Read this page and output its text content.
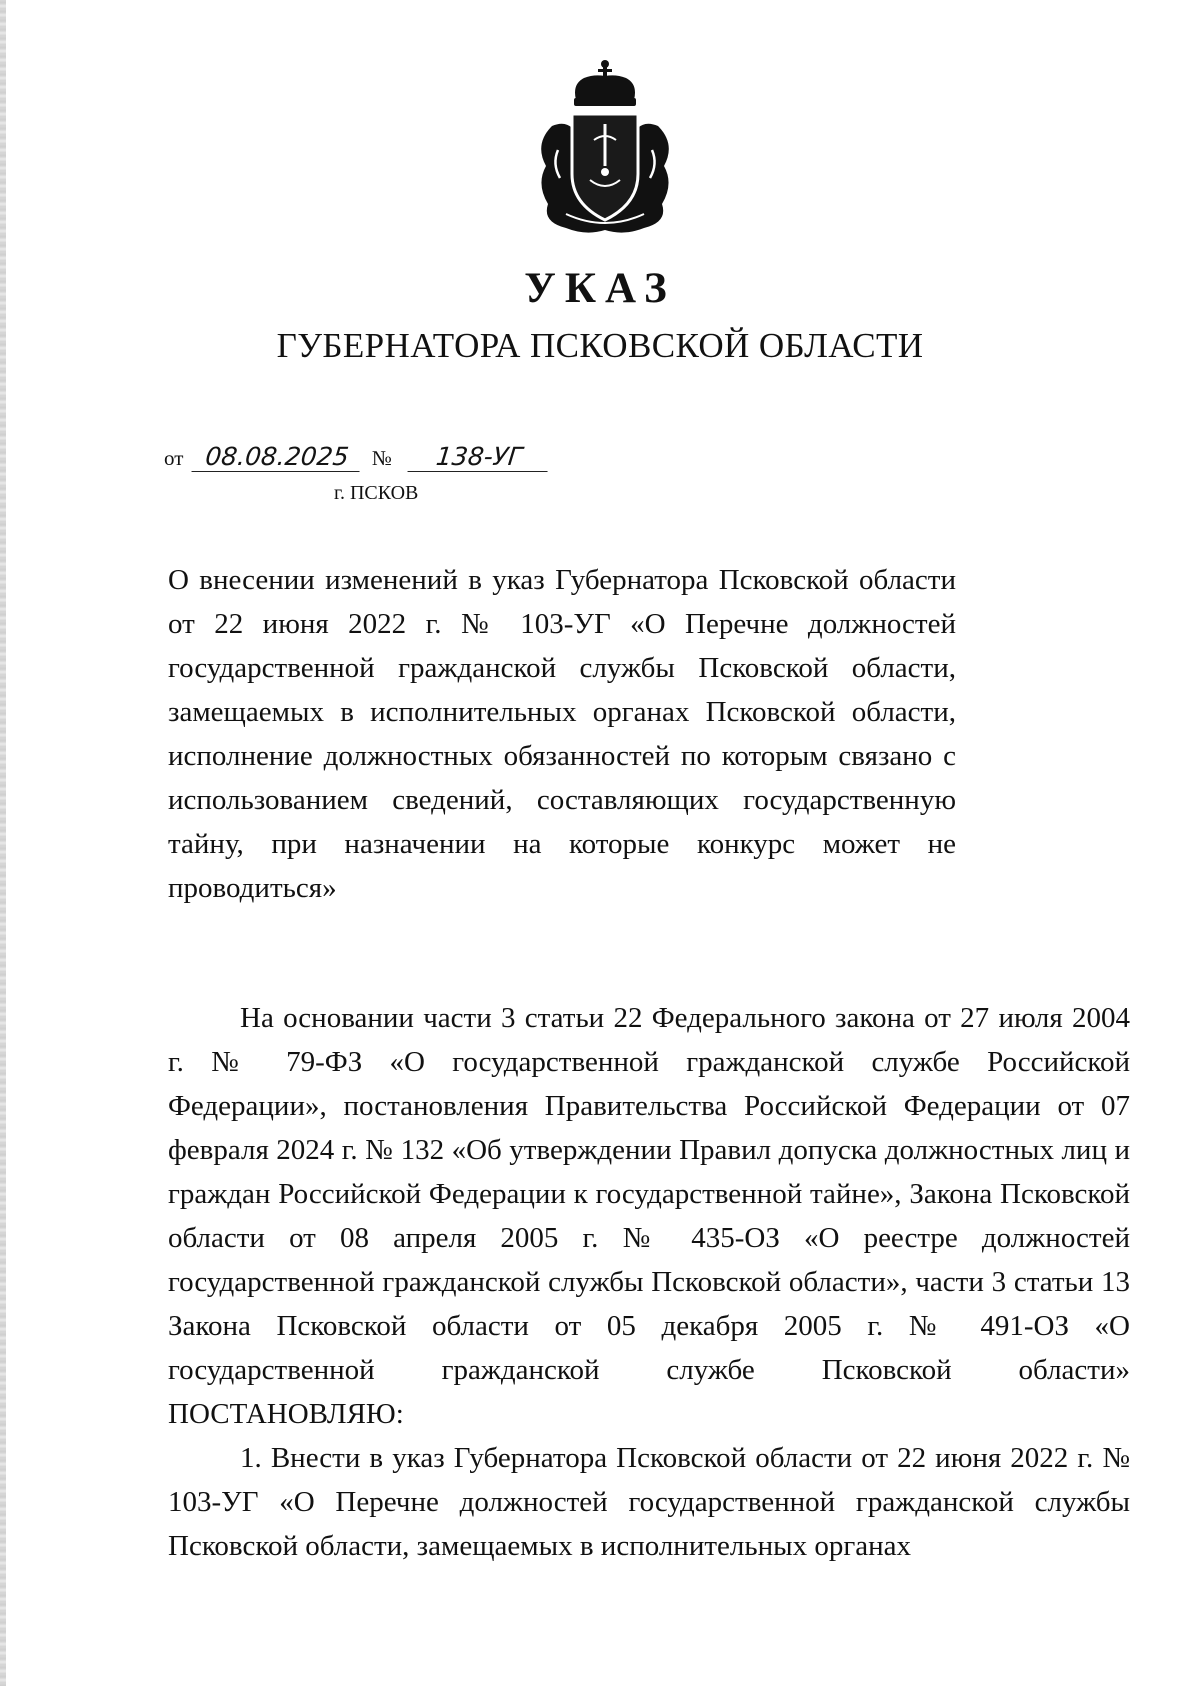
УКАЗ
ГУБЕРНАТОРА ПСКОВСКОЙ ОБЛАСТИ
от 08.08.2025 № 138-УГ
г. ПСКОВ
О внесении изменений в указ Губернатора Псковской области от 22 июня 2022 г. № 103-УГ «О Перечне должностей государственной гражданской службы Псковской области, замещаемых в исполнительных органах Псковской области, исполнение должностных обязанностей по которым связано с использованием сведений, составляющих государственную тайну, при назначении на которые конкурс может не проводиться»

На основании части 3 статьи 22 Федерального закона от 27 июля 2004 г. № 79-ФЗ «О государственной гражданской службе Российской Федерации», постановления Правительства Российской Федерации от 07 февраля 2024 г. № 132 «Об утверждении Правил допуска должностных лиц и граждан Российской Федерации к государственной тайне», Закона Псковской области от 08 апреля 2005 г. № 435-ОЗ «О реестре должностей государственной гражданской службы Псковской области», части 3 статьи 13 Закона Псковской области от 05 декабря 2005 г. № 491-ОЗ «О государственной гражданской службе Псковской области» ПОСТАНОВЛЯЮ:

1. Внести в указ Губернатора Псковской области от 22 июня 2022 г. № 103-УГ «О Перечне должностей государственной гражданской службы Псковской области, замещаемых в исполнительных органах
